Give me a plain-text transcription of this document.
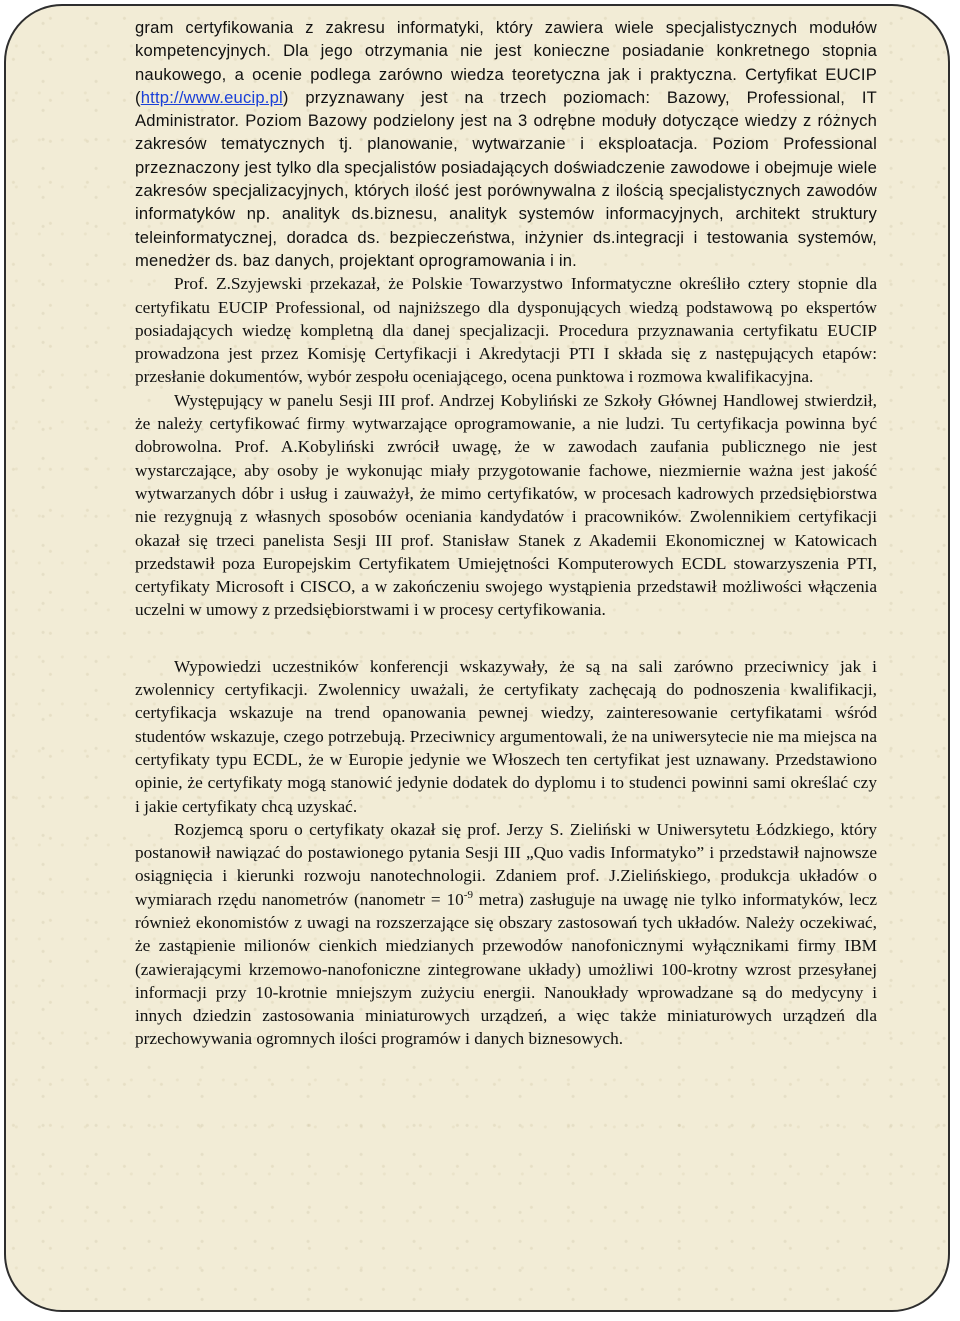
gram certyfikowania z zakresu informatyki, który zawiera wiele specjalistycznych modułów kompetencyjnych. Dla jego otrzymania nie jest konieczne posiadanie konkretnego stopnia naukowego, a ocenie podlega zarówno wiedza teoretyczna jak i praktyczna. Certyfikat EUCIP (http://www.eucip.pl) przyznawany jest na trzech poziomach: Bazowy, Professional, IT Administrator. Poziom Bazowy podzielony jest na 3 odrębne moduły dotyczące wiedzy z różnych zakresów tematycznych tj. planowanie, wytwarzanie i eksploatacja. Poziom Professional przeznaczony jest tylko dla specjalistów posiadających doświadczenie zawodowe i obejmuje wiele zakresów specjalizacyjnych, których ilość jest porównywalna z ilością specjalistycznych zawodów informatyków np. analityk ds.biznesu, analityk systemów informacyjnych, architekt struktury teleinformatycznej, doradca ds. bezpieczeństwa, inżynier ds.integracji i testowania systemów, menedżer ds. baz danych, projektant oprogramowania i in.

Prof. Z.Szyjewski przekazał, że Polskie Towarzystwo Informatyczne określiło cztery stopnie dla certyfikatu EUCIP Professional, od najniższego dla dysponujących wiedzą podstawową po ekspertów posiadających wiedzę kompletną dla danej specjalizacji. Procedura przyznawania certyfikatu EUCIP prowadzona jest przez Komisję Certyfikacji i Akredytacji PTI I składa się z następujących etapów: przesłanie dokumentów, wybór zespołu oceniającego, ocena punktowa i rozmowa kwalifikacyjna.

Występujący w panelu Sesji III prof. Andrzej Kobyliński ze Szkoły Głównej Handlowej stwierdził, że należy certyfikować firmy wytwarzające oprogramowanie, a nie ludzi. Tu certyfikacja powinna być dobrowolna. Prof. A.Kobyliński zwrócił uwagę, że w zawodach zaufania publicznego nie jest wystarczające, aby osoby je wykonując miały przygotowanie fachowe, niezmiernie ważna jest jakość wytwarzanych dóbr i usług i zauważył, że mimo certyfikatów, w procesach kadrowych przedsiębiorstwa nie rezygnują z własnych sposobów oceniania kandydatów i pracowników. Zwolennikiem certyfikacji okazał się trzeci panelista Sesji III prof. Stanisław Stanek z Akademii Ekonomicznej w Katowicach przedstawił poza Europejskim Certyfikatem Umiejętności Komputerowych ECDL stowarzyszenia PTI, certyfikaty Microsoft i CISCO, a w zakończeniu swojego wystąpienia przedstawił możliwości włączenia uczelni w umowy z przedsiębiorstwami i w procesy certyfikowania.

Wypowiedzi uczestników konferencji wskazywały, że są na sali zarówno przeciwnicy jak i zwolennicy certyfikacji. Zwolennicy uważali, że certyfikaty zachęcają do podnoszenia kwalifikacji, certyfikacja wskazuje na trend opanowania pewnej wiedzy, zainteresowanie certyfikatami wśród studentów wskazuje, czego potrzebują. Przeciwnicy argumentowali, że na uniwersytecie nie ma miejsca na certyfikaty typu ECDL, że w Europie jedynie we Włoszech ten certyfikat jest uznawany. Przedstawiono opinie, że certyfikaty mogą stanowić jedynie dodatek do dyplomu i to studenci powinni sami określać czy i jakie certyfikaty chcą uzyskać.

Rozjemcą sporu o certyfikaty okazał się prof. Jerzy S. Zieliński w Uniwersytetu Łódzkiego, który postanowił nawiązać do postawionego pytania Sesji III „Quo vadis Informatyko” i przedstawił najnowsze osiągnięcia i kierunki rozwoju nanotechnologii. Zdaniem prof. J.Zielińskiego, produkcja układów o wymiarach rzędu nanometrów (nanometr = $10^{-9}$ metra) zasługuje na uwagę nie tylko informatyków, lecz również ekonomistów z uwagi na rozszerzające się obszary zastosowań tych układów. Należy oczekiwać, że zastąpienie milionów cienkich miedzianych przewodów nanofonicznymi wyłącznikami firmy IBM (zawierającymi krzemowo-nanofoniczne zintegrowane układy) umożliwi 100-krotny wzrost przesyłanej informacji przy 10-krotnie mniejszym zużyciu energii. Nanoukłady wprowadzane są do medycyny i innych dziedzin zastosowania miniaturowych urządzeń, a więc także miniaturowych urządzeń dla przechowywania ogromnych ilości programów i danych biznesowych.
